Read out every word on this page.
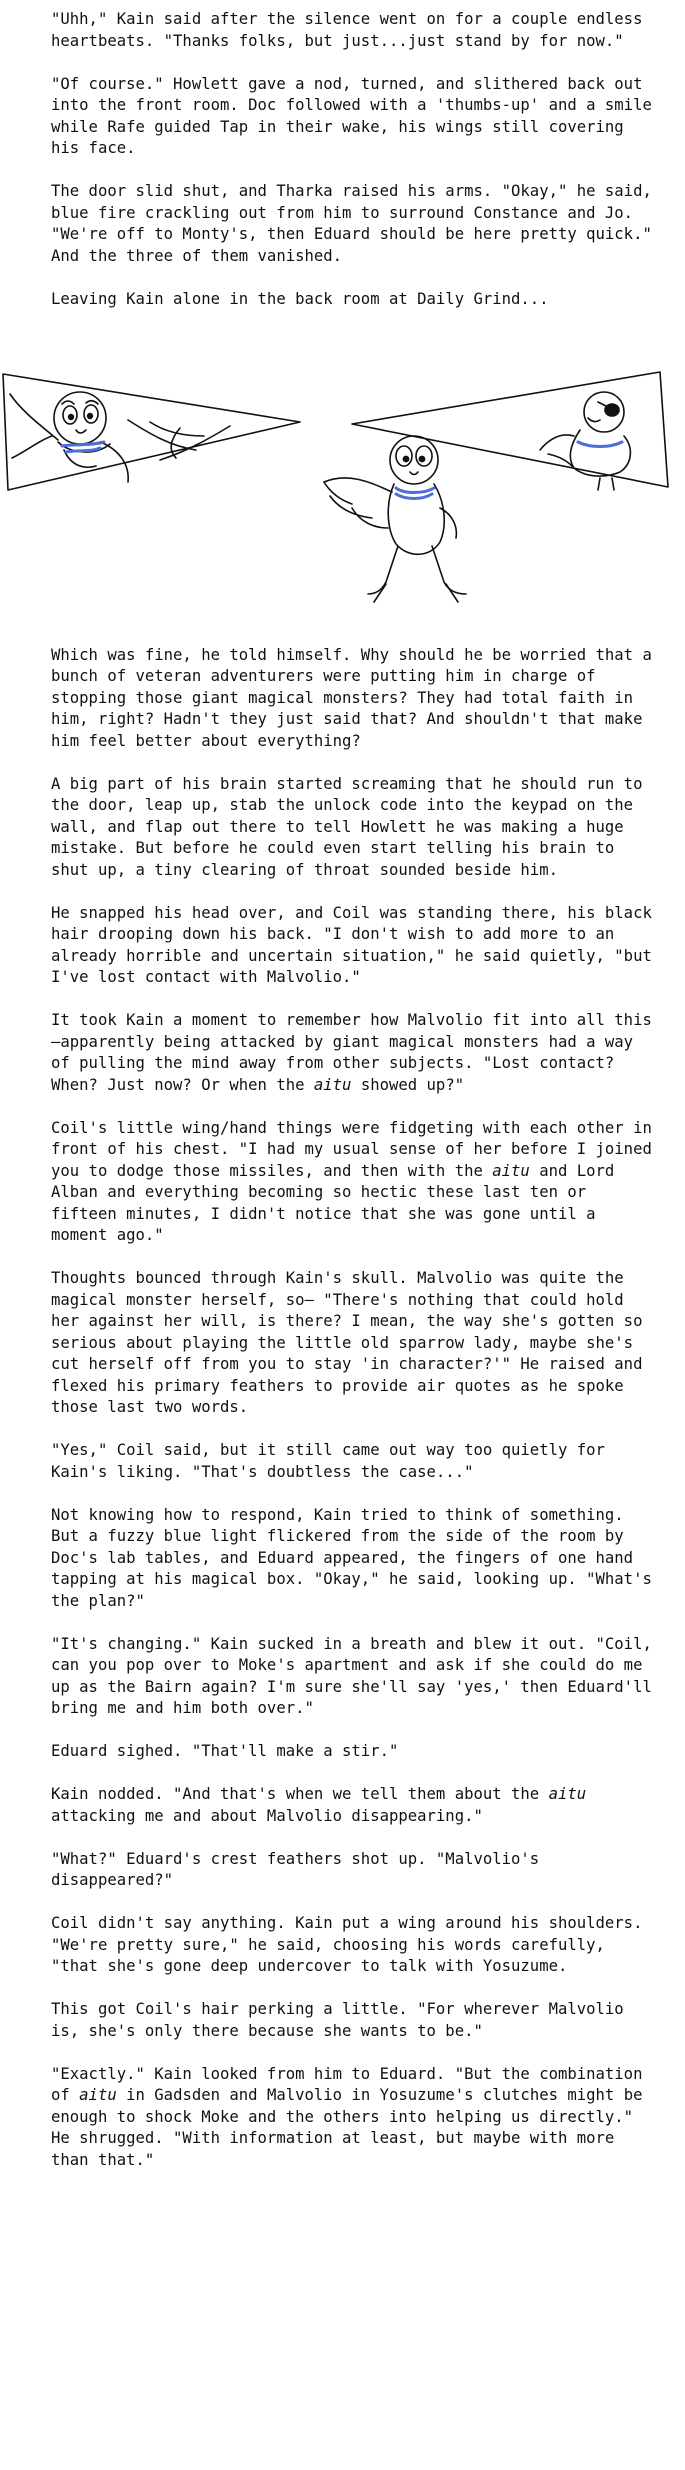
"Uhh," Kain said after the silence went on for a couple endless heartbeats. "Thanks folks, but just...just stand by for now."

"Of course." Howlett gave a nod, turned, and slithered back out into the front room. Doc followed with a 'thumbs-up' and a smile while Rafe guided Tap in their wake, his wings still covering his face.

The door slid shut, and Tharka raised his arms. "Okay," he said, blue fire crackling out from him to surround Constance and Jo. "We're off to Monty's, then Eduard should be here pretty quick." And the three of them vanished.

Leaving Kain alone in the back room at Daily Grind...

Which was fine, he told himself. Why should he be worried that a bunch of veteran adventurers were putting him in charge of stopping those giant magical monsters? They had total faith in him, right? Hadn't they just said that? And shouldn't that make him feel better about everything?

A big part of his brain started screaming that he should run to the door, leap up, stab the unlock code into the keypad on the wall, and flap out there to tell Howlett he was making a huge mistake. But before he could even start telling his brain to shut up, a tiny clearing of throat sounded beside him.

He snapped his head over, and Coil was standing there, his black hair drooping down his back. "I don't wish to add more to an already horrible and uncertain situation," he said quietly, "but I've lost contact with Malvolio."

It took Kain a moment to remember how Malvolio fit into all this—apparently being attacked by giant magical monsters had a way of pulling the mind away from other subjects. "Lost contact? When? Just now? Or when the aitu showed up?"

Coil's little wing/hand things were fidgeting with each other in front of his chest. "I had my usual sense of her before I joined you to dodge those missiles, and then with the aitu and Lord Alban and everything becoming so hectic these last ten or fifteen minutes, I didn't notice that she was gone until a moment ago."

Thoughts bounced through Kain's skull. Malvolio was quite the magical monster herself, so— "There's nothing that could hold her against her will, is there? I mean, the way she's gotten so serious about playing the little old sparrow lady, maybe she's cut herself off from you to stay 'in character?'" He raised and flexed his primary feathers to provide air quotes as he spoke those last two words.

"Yes," Coil said, but it still came out way too quietly for Kain's liking. "That's doubtless the case..."

Not knowing how to respond, Kain tried to think of something. But a fuzzy blue light flickered from the side of the room by Doc's lab tables, and Eduard appeared, the fingers of one hand tapping at his magical box. "Okay," he said, looking up. "What's the plan?"

"It's changing." Kain sucked in a breath and blew it out. "Coil, can you pop over to Moke's apartment and ask if she could do me up as the Bairn again? I'm sure she'll say 'yes,' then Eduard'll bring me and him both over."

Eduard sighed. "That'll make a stir."

Kain nodded. "And that's when we tell them about the aitu attacking me and about Malvolio disappearing."

"What?" Eduard's crest feathers shot up. "Malvolio's disappeared?"

Coil didn't say anything. Kain put a wing around his shoulders. "We're pretty sure," he said, choosing his words carefully, "that she's gone deep undercover to talk with Yosuzume.

This got Coil's hair perking a little. "For wherever Malvolio is, she's only there because she wants to be."

"Exactly." Kain looked from him to Eduard. "But the combination of aitu in Gadsden and Malvolio in Yosuzume's clutches might be enough to shock Moke and the others into helping us directly." He shrugged. "With information at least, but maybe with more than that."
